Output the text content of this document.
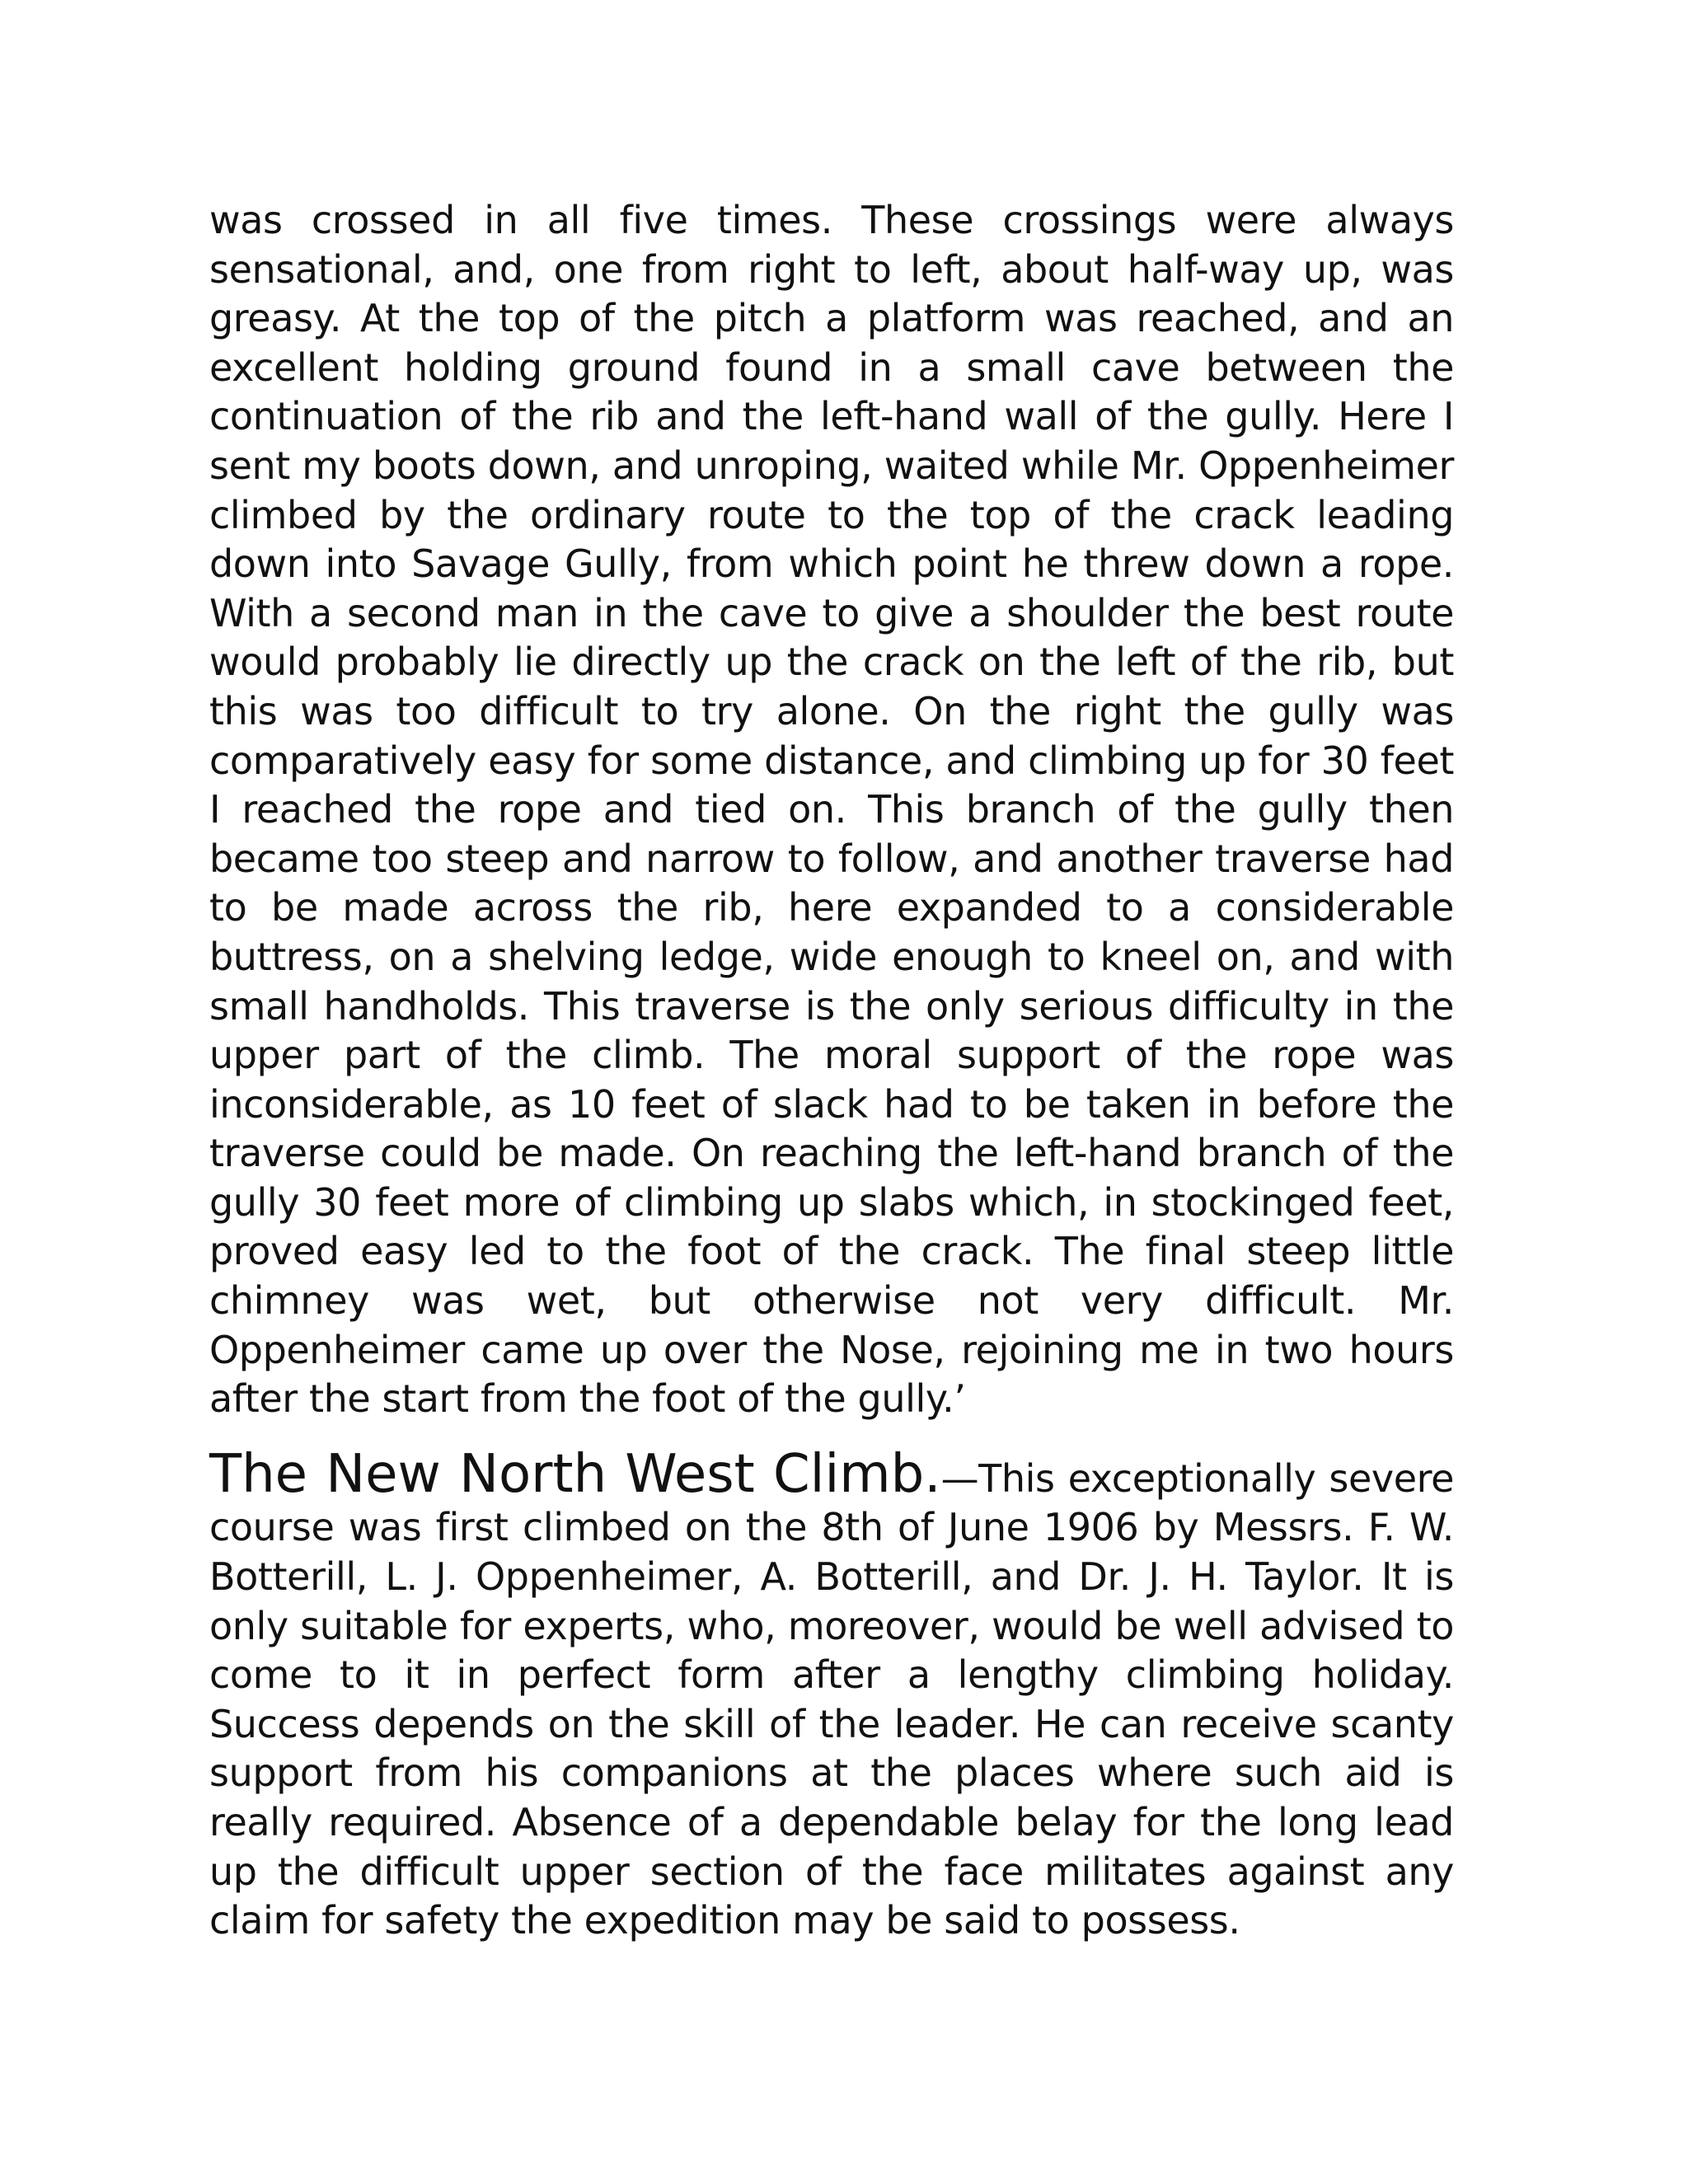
was crossed in all five times. These crossings were always sensational, and, one from right to left, about half-way up, was greasy. At the top of the pitch a platform was reached, and an excellent holding ground found in a small cave between the continuation of the rib and the left-hand wall of the gully. Here I sent my boots down, and unroping, waited while Mr. Oppenheimer climbed by the ordinary route to the top of the crack leading down into Savage Gully, from which point he threw down a rope. With a second man in the cave to give a shoulder the best route would probably lie directly up the crack on the left of the rib, but this was too difficult to try alone. On the right the gully was comparatively easy for some distance, and climbing up for 30 feet I reached the rope and tied on. This branch of the gully then became too steep and narrow to follow, and another traverse had to be made across the rib, here expanded to a considerable buttress, on a shelving ledge, wide enough to kneel on, and with small handholds. This traverse is the only serious difficulty in the upper part of the climb. The moral support of the rope was inconsiderable, as 10 feet of slack had to be taken in before the traverse could be made. On reaching the left-hand branch of the gully 30 feet more of climbing up slabs which, in stockinged feet, proved easy led to the foot of the crack. The final steep little chimney was wet, but otherwise not very difficult. Mr. Oppenheimer came up over the Nose, rejoining me in two hours after the start from the foot of the gully.’

The New North West Climb.—This exceptionally severe course was first climbed on the 8th of June 1906 by Messrs. F. W. Botterill, L. J. Oppenheimer, A. Botterill, and Dr. J. H. Taylor. It is only suitable for experts, who, moreover, would be well advised to come to it in perfect form after a lengthy climbing holiday. Success depends on the skill of the leader. He can receive scanty support from his companions at the places where such aid is really required. Absence of a dependable belay for the long lead up the difficult upper section of the face militates against any claim for safety the expedition may be said to possess.
